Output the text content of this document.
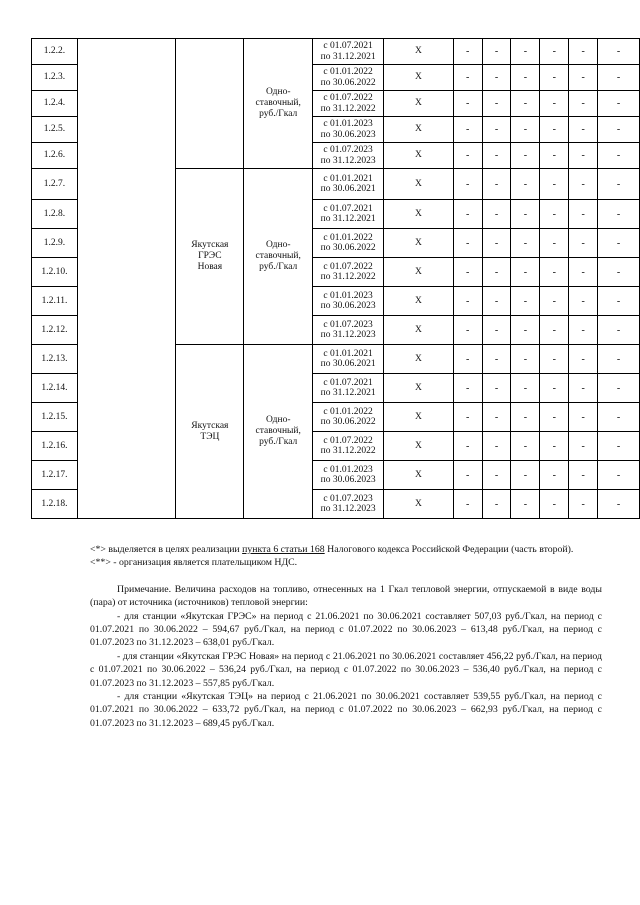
1.2.2.			Одно-
ставочный,
руб./Гкал	с 01.07.2021
по 31.12.2021	X	-	-	-	-	-	-
1.2.3.				с 01.01.2022
по 30.06.2022	X	-	-	-	-	-	-
1.2.4.				с 01.07.2022
по 31.12.2022	X	-	-	-	-	-	-
1.2.5.				с 01.01.2023
по 30.06.2023	X	-	-	-	-	-	-
1.2.6.				с 01.07.2023
по 31.12.2023	X	-	-	-	-	-	-
1.2.7.		Якутская
ГРЭС
Новая	Одно-
ставочный,
руб./Гкал	с 01.01.2021
по 30.06.2021	X	-	-	-	-	-	-
1.2.8.				с 01.07.2021
по 31.12.2021	X	-	-	-	-	-	-
1.2.9.				с 01.01.2022
по 30.06.2022	X	-	-	-	-	-	-
1.2.10.				с 01.07.2022
по 31.12.2022	X	-	-	-	-	-	-
1.2.11.				с 01.01.2023
по 30.06.2023	X	-	-	-	-	-	-
1.2.12.				с 01.07.2023
по 31.12.2023	X	-	-	-	-	-	-
1.2.13.		Якутская
ТЭЦ	Одно-
ставочный,
руб./Гкал	с 01.01.2021
по 30.06.2021	X	-	-	-	-	-	-
1.2.14.				с 01.07.2021
по 31.12.2021	X	-	-	-	-	-	-
1.2.15.				с 01.01.2022
по 30.06.2022	X	-	-	-	-	-	-
1.2.16.				с 01.07.2022
по 31.12.2022	X	-	-	-	-	-	-
1.2.17.				с 01.01.2023
по 30.06.2023	X	-	-	-	-	-	-
1.2.18.				с 01.07.2023
по 31.12.2023	X	-	-	-	-	-	-

<*> выделяется в целях реализации пункта 6 статьи 168 Налогового кодекса Российской Федерации (часть второй).

<**> - организация является плательщиком НДС.

Примечание. Величина расходов на топливо, отнесенных на 1 Гкал тепловой энергии, отпускаемой в виде воды (пара) от источника (источников) тепловой энергии:

- для станции «Якутская ГРЭС» на период с 21.06.2021 по 30.06.2021 составляет 507,03 руб./Гкал, на период с 01.07.2021 по 30.06.2022 – 594,67 руб./Гкал, на период с 01.07.2022 по 30.06.2023 – 613,48 руб./Гкал, на период с 01.07.2023 по 31.12.2023 – 638,01 руб./Гкал.

- для станции «Якутская ГРЭС Новая» на период с 21.06.2021 по 30.06.2021 составляет 456,22 руб./Гкал, на период с 01.07.2021 по 30.06.2022 – 536,24 руб./Гкал, на период с 01.07.2022 по 30.06.2023 – 536,40 руб./Гкал, на период с 01.07.2023 по 31.12.2023 – 557,85 руб./Гкал.

- для станции «Якутская ТЭЦ» на период с 21.06.2021 по 30.06.2021 составляет 539,55 руб./Гкал, на период с 01.07.2021 по 30.06.2022 – 633,72 руб./Гкал, на период с 01.07.2022 по 30.06.2023 – 662,93 руб./Гкал, на период с 01.07.2023 по 31.12.2023 – 689,45 руб./Гкал.
